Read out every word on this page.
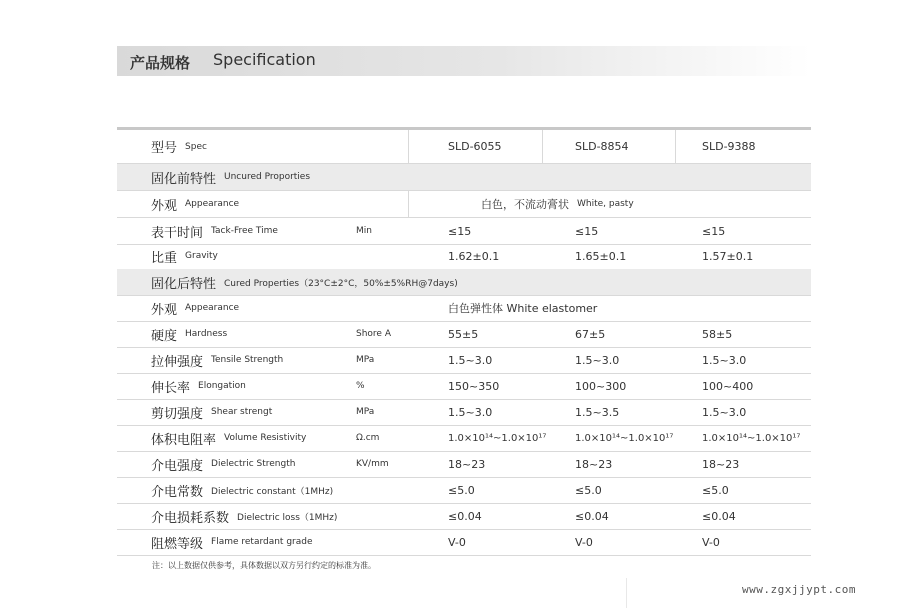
产品规格 Specification
型号 Spec	SLD-6055	SLD-8854	SLD-9388
固化前特性 Uncured Proporties
外观 Appearance	白色，不流动膏状 White, pasty
表干时间 Tack-Free Time	Min	≤15	≤15	≤15
比重 Gravity	1.62±0.1	1.65±0.1	1.57±0.1
固化后特性 Cured Properties（23°C±2°C，50%±5%RH@7days)
外观 Appearance	白色弹性体 White elastomer
硬度 Hardness	Shore A	55±5	67±5	58±5
拉伸强度 Tensile Strength	MPa	1.5~3.0	1.5~3.0	1.5~3.0
伸长率 Elongation	%	150~350	100~300	100~400
剪切强度 Shear strengt	MPa	1.5~3.0	1.5~3.5	1.5~3.0
体积电阻率 Volume Resistivity	Ω.cm	1.0×10¹⁴~1.0×10¹⁷	1.0×10¹⁴~1.0×10¹⁷	1.0×10¹⁴~1.0×10¹⁷
介电强度 Dielectric Strength	KV/mm	18~23	18~23	18~23
介电常数 Dielectric constant（1MHz)	≤5.0	≤5.0	≤5.0
介电损耗系数 Dielectric loss（1MHz)	≤0.04	≤0.04	≤0.04
阻燃等级 Flame retardant grade	V-0	V-0	V-0
注：以上数据仅供参考，具体数据以双方另行约定的标准为准。
www.zgxjjypt.com
